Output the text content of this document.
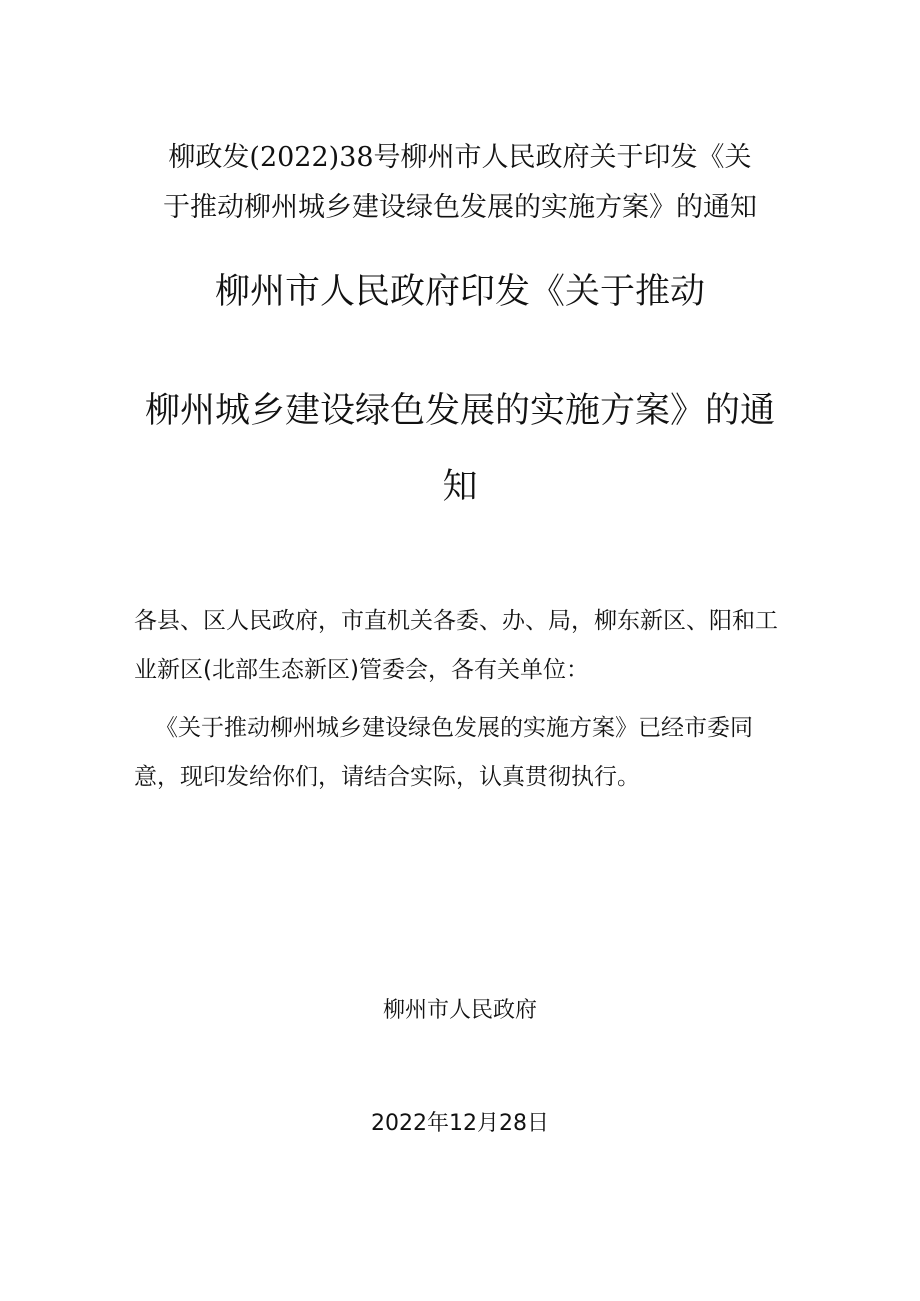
柳政发(2022)38号柳州市人民政府关于印发《关
于推动柳州城乡建设绿色发展的实施方案》的通知
柳州市人民政府印发《关于推动
柳州城乡建设绿色发展的实施方案》的通
知
各县、区人民政府，市直机关各委、办、局，柳东新区、阳和工
业新区(北部生态新区)管委会，各有关单位：
《关于推动柳州城乡建设绿色发展的实施方案》已经市委同
意，现印发给你们，请结合实际，认真贯彻执行。
柳州市人民政府
2022年12月28日
